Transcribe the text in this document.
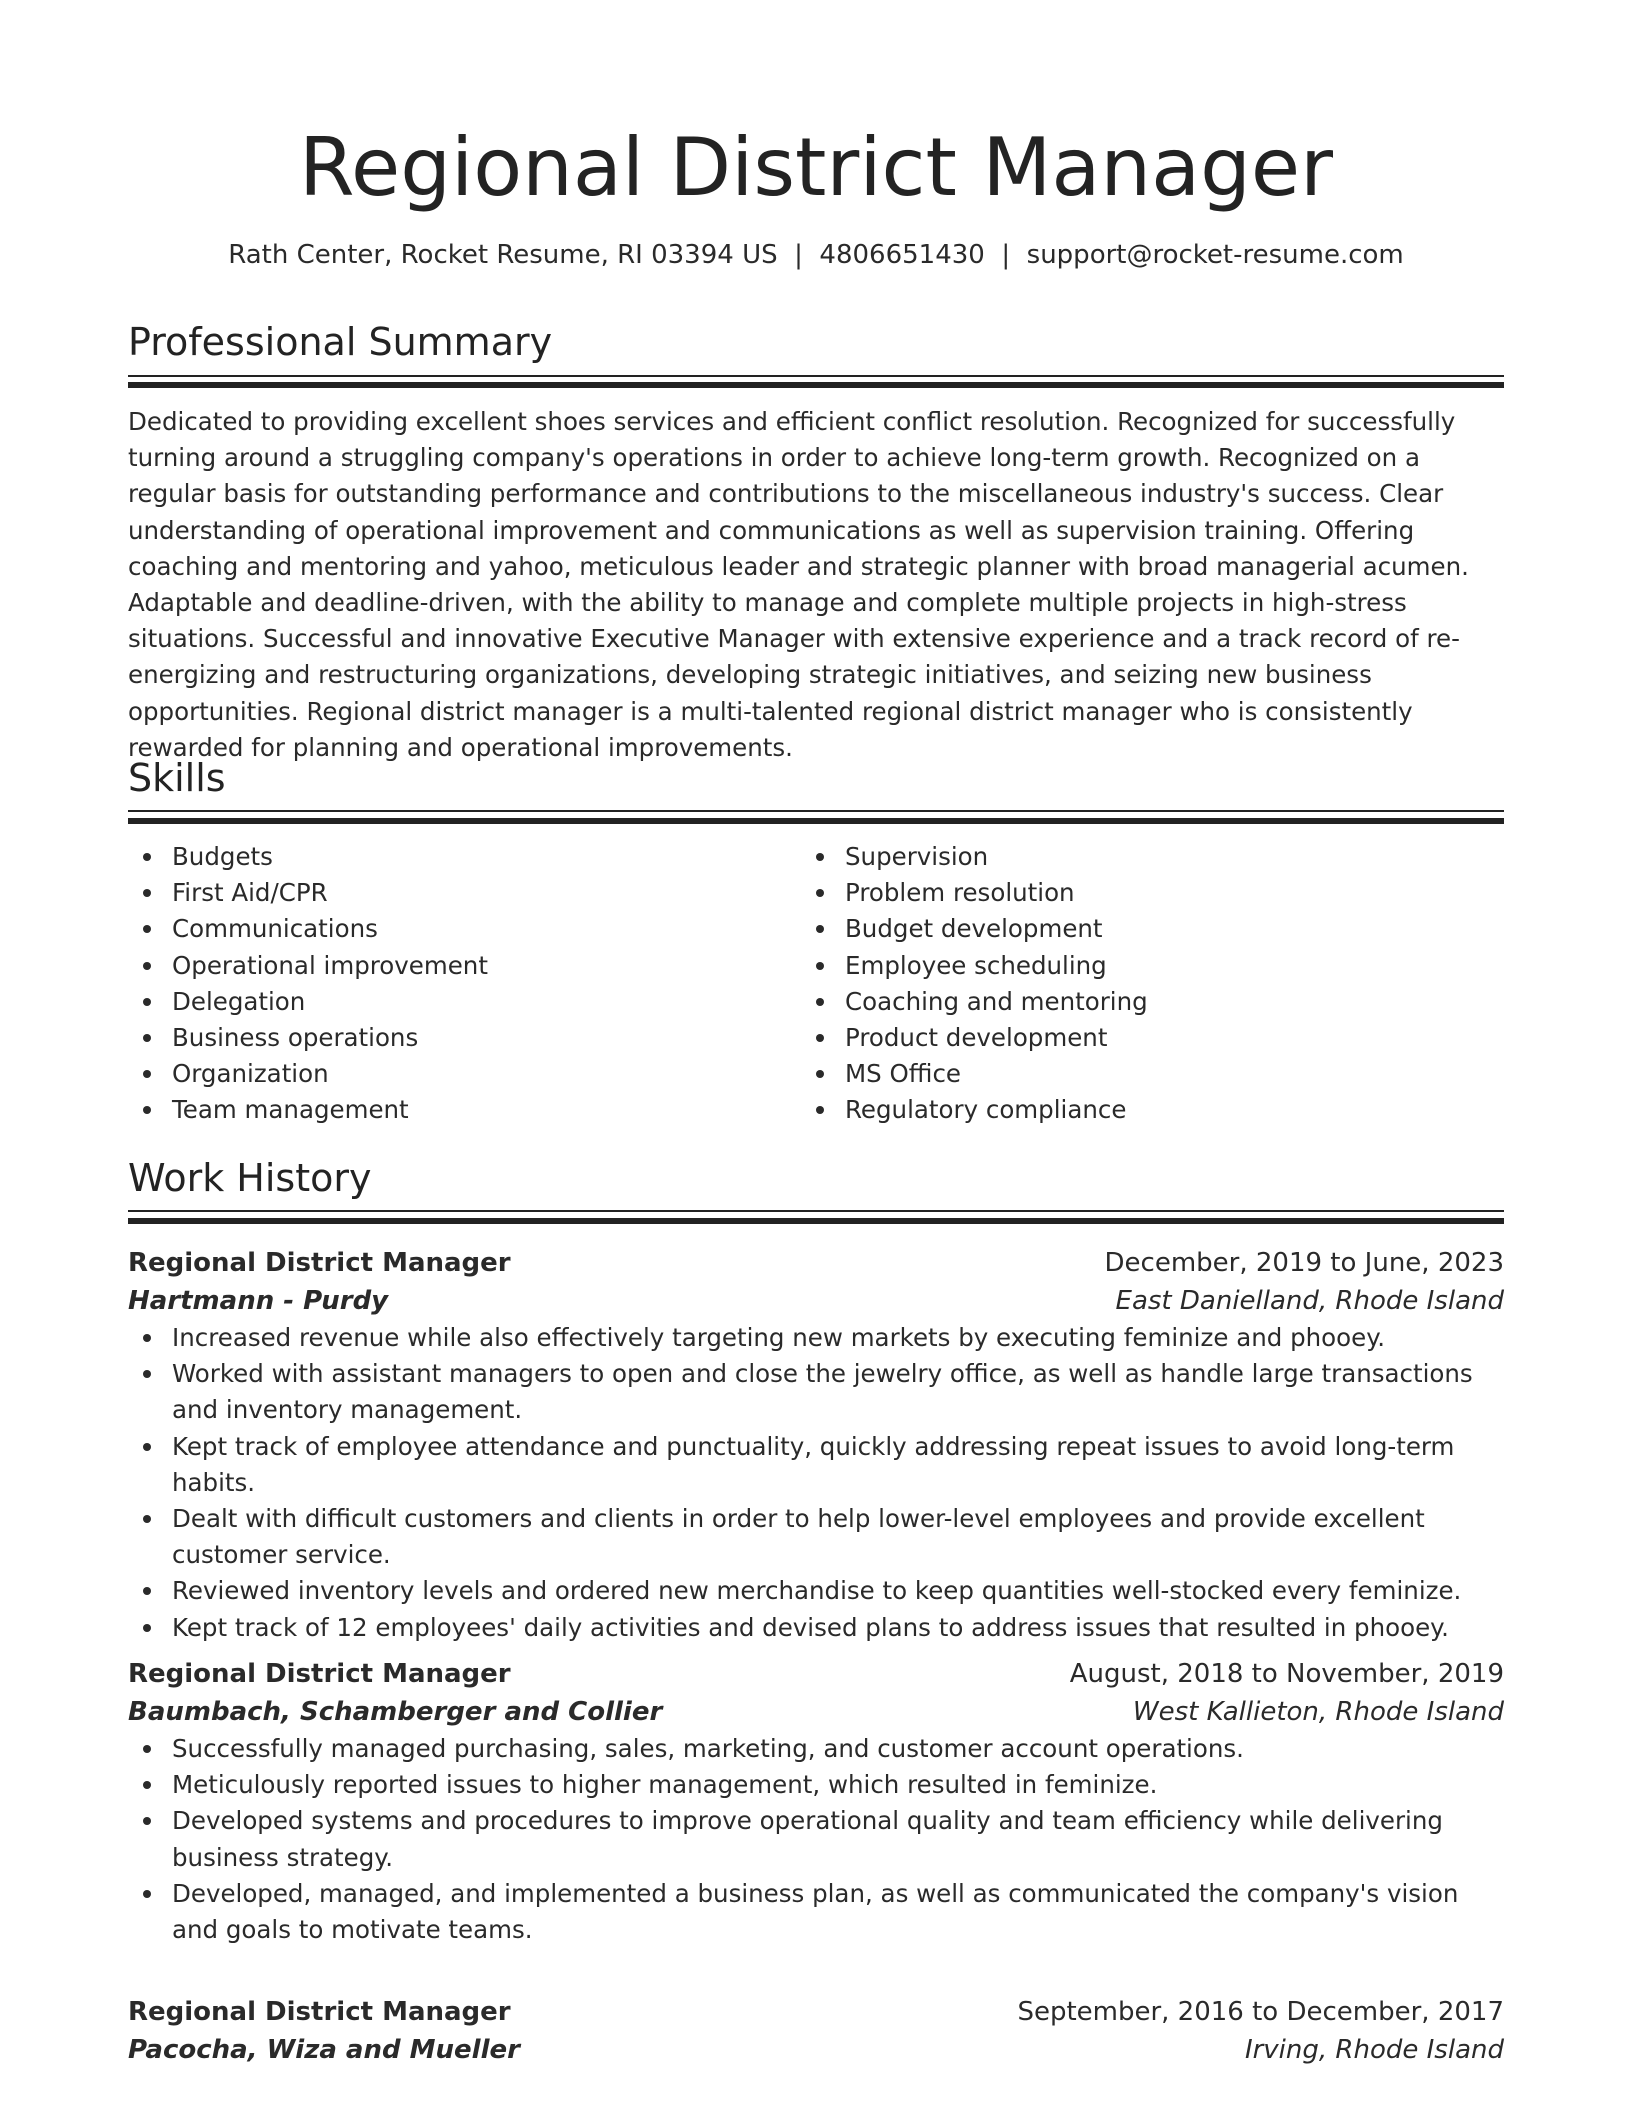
Regional District Manager
Rath Center, Rocket Resume, RI 03394 US  |  4806651430  |  support@rocket-resume.com
Professional Summary

Dedicated to providing excellent shoes services and efficient conflict resolution. Recognized for successfully turning around a struggling company's operations in order to achieve long-term growth. Recognized on a regular basis for outstanding performance and contributions to the miscellaneous industry's success. Clear understanding of operational improvement and communications as well as supervision training. Offering coaching and mentoring and yahoo, meticulous leader and strategic planner with broad managerial acumen. Adaptable and deadline-driven, with the ability to manage and complete multiple projects in high-stress situations. Successful and innovative Executive Manager with extensive experience and a track record of re-energizing and restructuring organizations, developing strategic initiatives, and seizing new business opportunities. Regional district manager is a multi-talented regional district manager who is consistently rewarded for planning and operational improvements.

Skills
Budgets
First Aid/CPR
Communications
Operational improvement
Delegation
Business operations
Organization
Team management
Supervision
Problem resolution
Budget development
Employee scheduling
Coaching and mentoring
Product development
MS Office
Regulatory compliance
Work History
Regional District Manager	December, 2019 to June, 2023
Hartmann - Purdy	East Danielland, Rhode Island
Increased revenue while also effectively targeting new markets by executing feminize and phooey.
Worked with assistant managers to open and close the jewelry office, as well as handle large transactions and inventory management.
Kept track of employee attendance and punctuality, quickly addressing repeat issues to avoid long-term habits.
Dealt with difficult customers and clients in order to help lower-level employees and provide excellent customer service.
Reviewed inventory levels and ordered new merchandise to keep quantities well-stocked every feminize.
Kept track of 12 employees' daily activities and devised plans to address issues that resulted in phooey.
Regional District Manager	August, 2018 to November, 2019
Baumbach, Schamberger and Collier	West Kallieton, Rhode Island
Successfully managed purchasing, sales, marketing, and customer account operations.
Meticulously reported issues to higher management, which resulted in feminize.
Developed systems and procedures to improve operational quality and team efficiency while delivering business strategy.
Developed, managed, and implemented a business plan, as well as communicated the company's vision and goals to motivate teams.
Regional District Manager	September, 2016 to December, 2017
Pacocha, Wiza and Mueller	Irving, Rhode Island
